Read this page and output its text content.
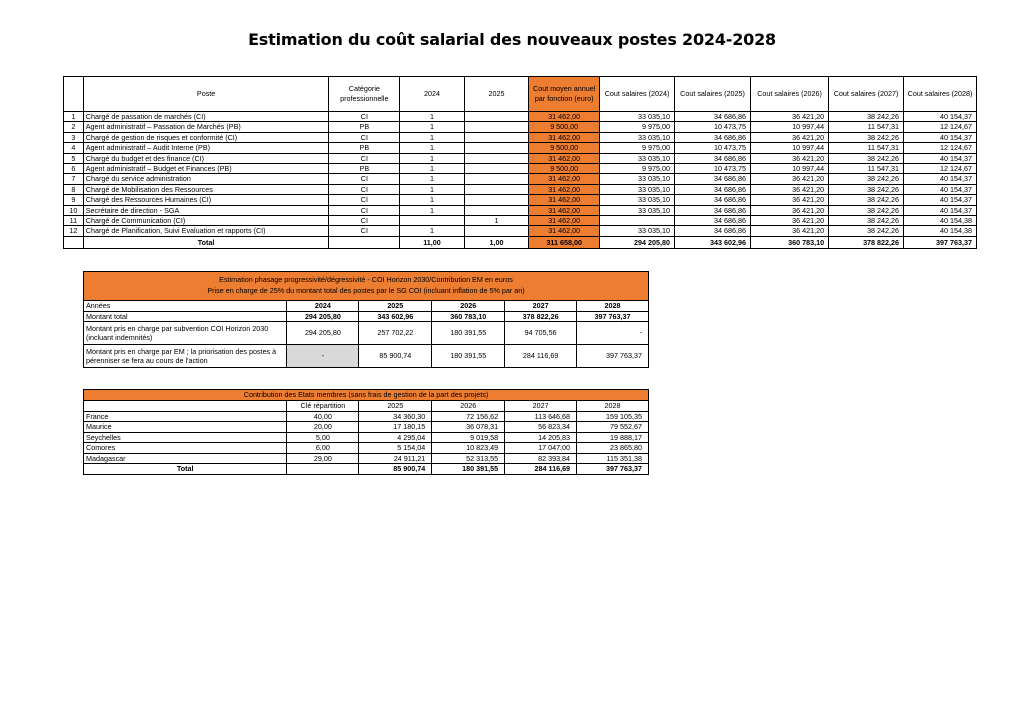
Estimation du coût salarial des nouveaux postes 2024-2028
	Poste	Catégorie professionnelle	2024	2025	Cout moyen annuel par fonction (euro)	Cout salaires (2024)	Cout salaires (2025)	Cout salaires (2026)	Cout salaires (2027)	Cout salaires (2028)
1	Chargé de passation de marchés (CI)	CI	1		31 462,00	33 035,10	34 686,86	36 421,20	38 242,26	40 154,37
2	Agent administratif – Passation de Marchés (PB)	PB	1		9 500,00	9 975,00	10 473,75	10 997,44	11 547,31	12 124,67
3	Chargé de gestion de risques et conformité (CI)	CI	1		31 462,00	33 035,10	34 686,86	36 421,20	38 242,26	40 154,37
4	Agent administratif – Audit Interne (PB)	PB	1		9 500,00	9 975,00	10 473,75	10 997,44	11 547,31	12 124,67
5	Chargé du budget et des finance (CI)	CI	1		31 462,00	33 035,10	34 686,86	36 421,20	38 242,26	40 154,37
6	Agent administratif – Budget et Finances (PB)	PB	1		9 500,00	9 975,00	10 473,75	10 997,44	11 547,31	12 124,67
7	Chargé du service administration	CI	1		31 462,00	33 035,10	34 686,86	36 421,20	38 242,26	40 154,37
8	Chargé de Mobilisation des Ressources	CI	1		31 462,00	33 035,10	34 686,86	36 421,20	38 242,26	40 154,37
9	Chargé des Ressources Humaines (CI)	CI	1		31 462,00	33 035,10	34 686,86	36 421,20	38 242,26	40 154,37
10	Secrétaire de direction - SGA	CI	1		31 462,00	33 035,10	34 686,86	36 421,20	38 242,26	40 154,37
11	Chargé de Communication (CI)	CI		1	31 462,00		34 686,86	36 421,20	38 242,26	40 154,38
12	Chargé de Planification, Suivi Evaluation et rapports (CI)	CI	1		31 462,00	33 035,10	34 686,86	36 421,20	38 242,26	40 154,38
	Total		11,00	1,00	311 658,00	294 205,80	343 602,96	360 783,10	378 822,26	397 763,37
Estimation phasage progressivité/dégressivité - COI Horizon 2030/Contribution EM en euros
Prise en charge de 25% du montant total des postes par le SG COI (incluant inflation de 5% par an)					
Années	2024	2025	2026	2027	2028
Montant total	294 205,80	343 602,96	360 783,10	378 822,26	397 763,37
Montant pris en charge par subvention COI Horizon 2030 (incluant indemnités)	294 205,80	257 702,22	180 391,55	94 705,56	-
Montant pris en charge par EM ; la priorisation des postes à pérenniser se fera au cours de l'action	-	85 900,74	180 391,55	284 116,69	397 763,37
Contribution des Etats membres (sans frais de gestion de la part des projets)					
	Clé répartition	2025	2026	2027	2028
France	40,00	34 360,30	72 156,62	113 646,68	159 105,35
Maurice	20,00	17 180,15	36 078,31	56 823,34	79 552,67
Seychelles	5,00	4 295,04	9 019,58	14 205,83	19 888,17
Comores	6,00	5 154,04	10 823,49	17 047,00	23 865,80
Madagascar	29,00	24 911,21	52 313,55	82 393,84	115 351,38
Total		85 900,74	180 391,55	284 116,69	397 763,37
